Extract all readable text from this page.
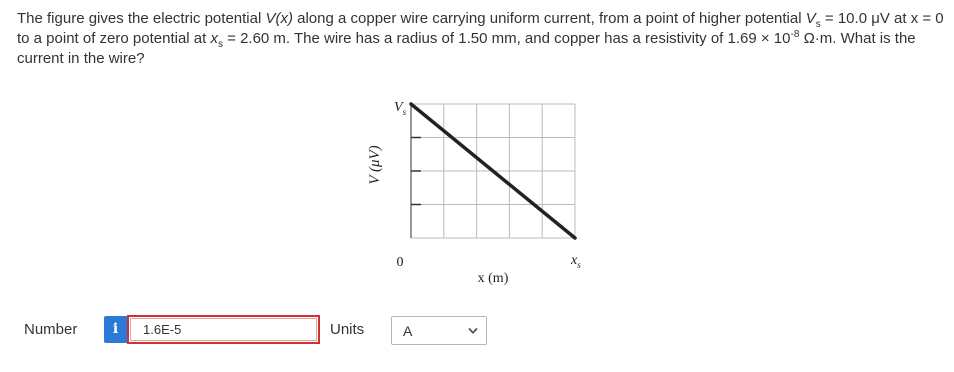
The figure gives the electric potential V(x) along a copper wire carrying uniform current, from a point of higher potential $V_s = 10.0$ μV at x = 0 to a point of zero potential at $x_s = 2.60$ m. The wire has a radius of 1.50 mm, and copper has a resistivity of $1.69 \times 10^{-8}$ Ω·m. What is the current in the wire?
V (μV)
$V_s$
0	$x_s$
x (m)
Number	i
1.6E-5	Units	A
